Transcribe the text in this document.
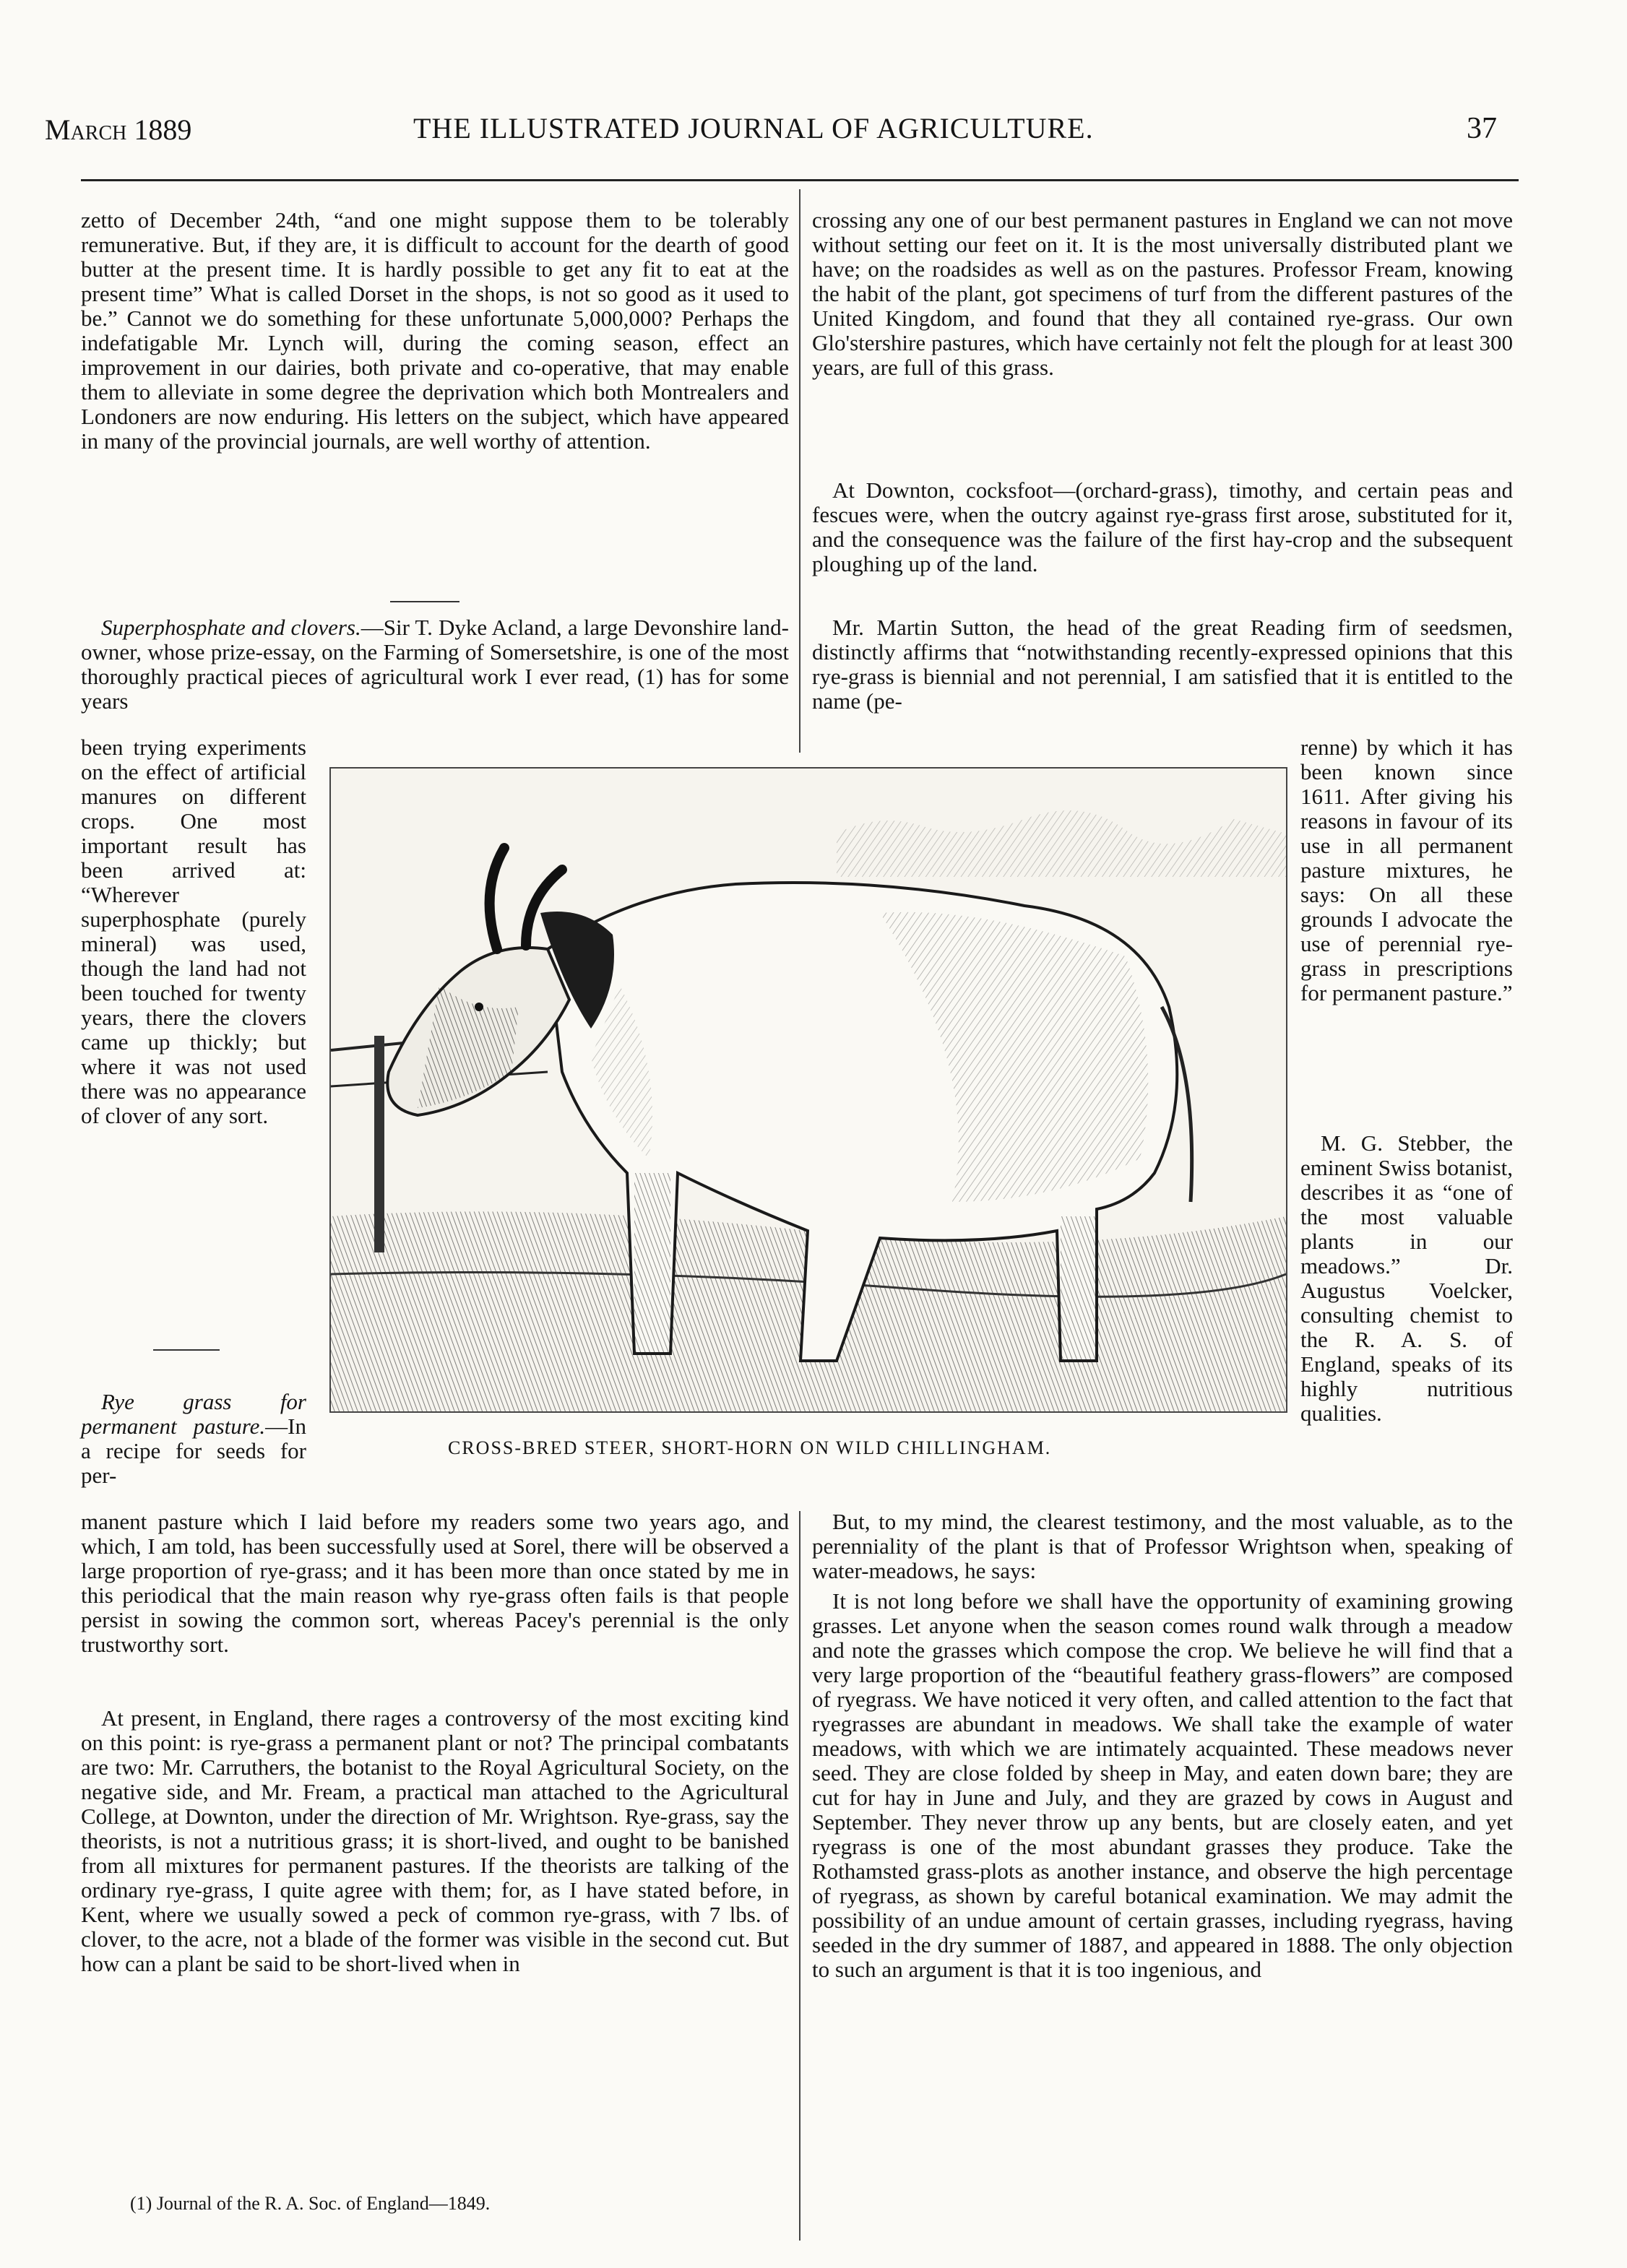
March 1889	THE ILLUSTRATED JOURNAL OF AGRICULTURE.	37

zetto of December 24th, “and one might suppose them to be tolerably remunerative. But, if they are, it is difficult to account for the dearth of good butter at the present time. It is hardly possible to get any fit to eat at the present time” What is called Dorset in the shops, is not so good as it used to be.” Cannot we do something for these unfortunate 5,000,000? Perhaps the indefatigable Mr. Lynch will, during the coming season, effect an improvement in our dairies, both private and co-operative, that may enable them to alleviate in some degree the deprivation which both Montrealers and Londoners are now enduring. His letters on the subject, which have appeared in many of the provincial journals, are well worthy of attention.

Superphosphate and clovers.—Sir T. Dyke Acland, a large Devonshire land-owner, whose prize-essay, on the Farming of Somersetshire, is one of the most thoroughly practical pieces of agricultural work I ever read, (1) has for some years

been trying experiments on the effect of artificial manures on different crops. One most important result has been arrived at: “Wherever superphosphate (purely mineral) was used, though the land had not been touched for twenty years, there the clovers came up thickly; but where it was not used there was no appearance of clover of any sort.

Rye grass for permanent pasture.—In a recipe for seeds for per-

manent pasture which I laid before my readers some two years ago, and which, I am told, has been successfully used at Sorel, there will be observed a large proportion of rye-grass; and it has been more than once stated by me in this periodical that the main reason why rye-grass often fails is that people persist in sowing the common sort, whereas Pacey's perennial is the only trustworthy sort.

At present, in England, there rages a controversy of the most exciting kind on this point: is rye-grass a permanent plant or not? The principal combatants are two: Mr. Carruthers, the botanist to the Royal Agricultural Society, on the negative side, and Mr. Fream, a practical man attached to the Agricultural College, at Downton, under the direction of Mr. Wrightson. Rye-grass, say the theorists, is not a nutritious grass; it is short-lived, and ought to be banished from all mixtures for permanent pastures. If the theorists are talking of the ordinary rye-grass, I quite agree with them; for, as I have stated before, in Kent, where we usually sowed a peck of common rye-grass, with 7 lbs. of clover, to the acre, not a blade of the former was visible in the second cut. But how can a plant be said to be short-lived when in

(1) Journal of the R. A. Soc. of England—1849.

crossing any one of our best permanent pastures in England we can not move without setting our feet on it. It is the most universally distributed plant we have; on the roadsides as well as on the pastures. Professor Fream, knowing the habit of the plant, got specimens of turf from the different pastures of the United Kingdom, and found that they all contained rye-grass. Our own Glo'stershire pastures, which have certainly not felt the plough for at least 300 years, are full of this grass.

At Downton, cocksfoot—(orchard-grass), timothy, and certain peas and fescues were, when the outcry against rye-grass first arose, substituted for it, and the consequence was the failure of the first hay-crop and the subsequent ploughing up of the land.

Mr. Martin Sutton, the head of the great Reading firm of seedsmen, distinctly affirms that “notwithstanding recently-expressed opinions that this rye-grass is biennial and not perennial, I am satisfied that it is entitled to the name (pe-

renne) by which it has been known since 1611. After giving his reasons in favour of its use in all permanent pasture mixtures, he says: On all these grounds I advocate the use of perennial rye-grass in prescriptions for permanent pasture.”

M. G. Stebber, the eminent Swiss botanist, describes it as “one of the most valuable plants in our meadows.” Dr. Augustus Voelcker, consulting chemist to the R. A. S. of England, speaks of its highly nutritious qualities.

But, to my mind, the clearest testimony, and the most valuable, as to the perenniality of the plant is that of Professor Wrightson when, speaking of water-meadows, he says:

It is not long before we shall have the opportunity of examining growing grasses. Let anyone when the season comes round walk through a meadow and note the grasses which compose the crop. We believe he will find that a very large proportion of the “beautiful feathery grass-flowers” are composed of ryegrass. We have noticed it very often, and called attention to the fact that ryegrasses are abundant in meadows. We shall take the example of water meadows, with which we are intimately acquainted. These meadows never seed. They are close folded by sheep in May, and eaten down bare; they are cut for hay in June and July, and they are grazed by cows in August and September. They never throw up any bents, but are closely eaten, and yet ryegrass is one of the most abundant grasses they produce. Take the Rothamsted grass-plots as another instance, and observe the high percentage of ryegrass, as shown by careful botanical examination. We may admit the possibility of an undue amount of certain grasses, including ryegrass, having seeded in the dry summer of 1887, and appeared in 1888. The only objection to such an argument is that it is too ingenious, and

CROSS-BRED STEER, SHORT-HORN ON WILD CHILLINGHAM.
